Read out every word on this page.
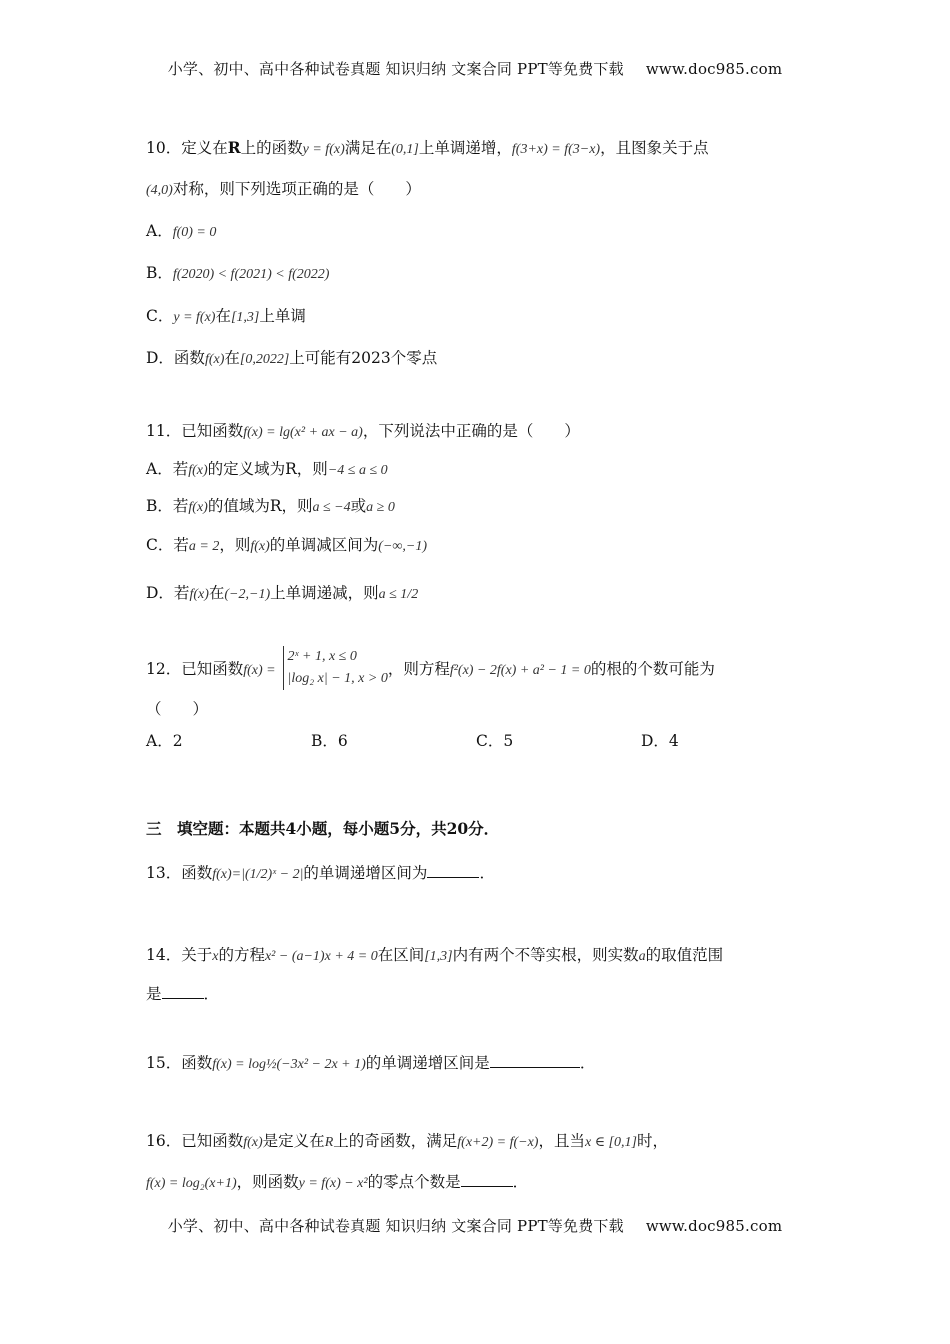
小学、初中、高中各种试卷真题 知识归纳 文案合同 PPT等免费下载 www.doc985.com
10．定义在R上的函数y = f(x)满足在(0,1]上单调递增，f(3+x) = f(3−x)，且图象关于点
(4,0)对称，则下列选项正确的是（　　）
A．f(0) = 0
B．f(2020) < f(2021) < f(2022)
C．y = f(x)在[1,3]上单调
D．函数f(x)在[0,2022]上可能有2023个零点
11．已知函数f(x) = lg(x² + ax − a)，下列说法中正确的是（　　）
A．若f(x)的定义域为R，则−4 ≤ a ≤ 0
B．若f(x)的值域为R，则a ≤ −4或a ≥ 0
C．若a = 2，则f(x)的单调减区间为(−∞,−1)
D．若f(x)在(−2,−1)上单调递减，则a ≤ 1/2
12．已知函数f(x) =
2ˣ + 1, x ≤ 0
|log₂ x| − 1, x > 0
，则方程f²(x) − 2f(x) + a² − 1 = 0的根的个数可能为
（　　）
A．2	B．6	C．5	D．4
三　填空题：本题共4小题，每小题5分，共20分．
13．函数f(x)=|(1/2)ˣ − 2|的单调递增区间为	．
14．关于x的方程x² − (a−1)x + 4 = 0在区间[1,3]内有两个不等实根，则实数a的取值范围
是	．
15．函数f(x) = log½(−3x² − 2x + 1)的单调递增区间是	．
16．已知函数f(x)是定义在R上的奇函数，满足f(x+2) = f(−x)，且当x ∈ [0,1]时，
f(x) = log₂(x+1)，则函数y = f(x) − x²的零点个数是	．
小学、初中、高中各种试卷真题 知识归纳 文案合同 PPT等免费下载 www.doc985.com
